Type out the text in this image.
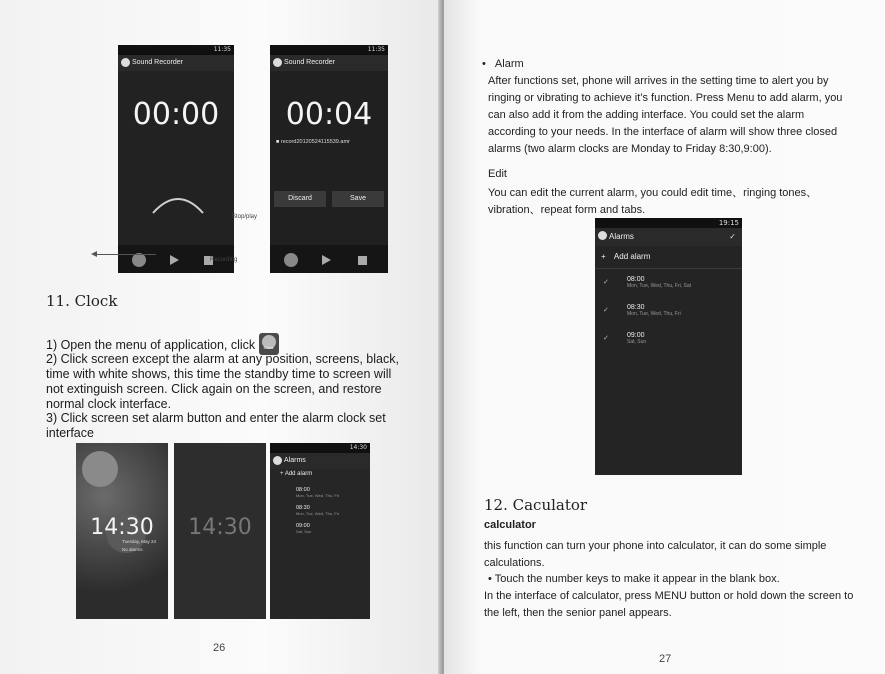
11:35
Sound Recorder
00:00
11:35
Sound Recorder
00:04
■ record20120524115539.amr
Discard	Save
Stop/play
Recording
11. Clock
1) Open the menu of application, click	Clock
2) Click screen except the alarm at any position, screens, black, time with white shows, this time the standby time to screen will not extinguish screen. Click again on the screen, and restore normal clock interface.
3) Click screen set alarm button and enter the alarm clock set interface
14:30
Tuesday, May 24
No alarms
14:30
14:30
Alarms
+ Add alarm
08:00
Mon, Tue, Wed, Thu, Fri
08:30
Mon, Tue, Wed, Thu, Fri
09:00
Sat, Sun
26
• Alarm
After functions set, phone will arrives in the setting time to alert you by ringing or vibrating to achieve it’s function. Press Menu to add alarm, you can also add it from the adding interface. You could set the alarm according to your needs. In the interface of alarm will show three closed alarms (two alarm clocks are Monday to Friday 8:30,9:00).
Edit
You can edit the current alarm, you could edit time、ringing tones、vibration、repeat form and tabs.
19:15
Alarms	✓
+ Add alarm
✓	08:00
Mon, Tue, Wed, Thu, Fri, Sat
✓	08:30
Mon, Tue, Wed, Thu, Fri
✓	09:00
Sat, Sun
12. Caculator
calculator
this function can turn your phone into calculator, it can do some simple calculations.
• Touch the number keys to make it appear in the blank box.
In the interface of calculator, press MENU button or hold down the screen to the left, then the senior panel appears.
27
